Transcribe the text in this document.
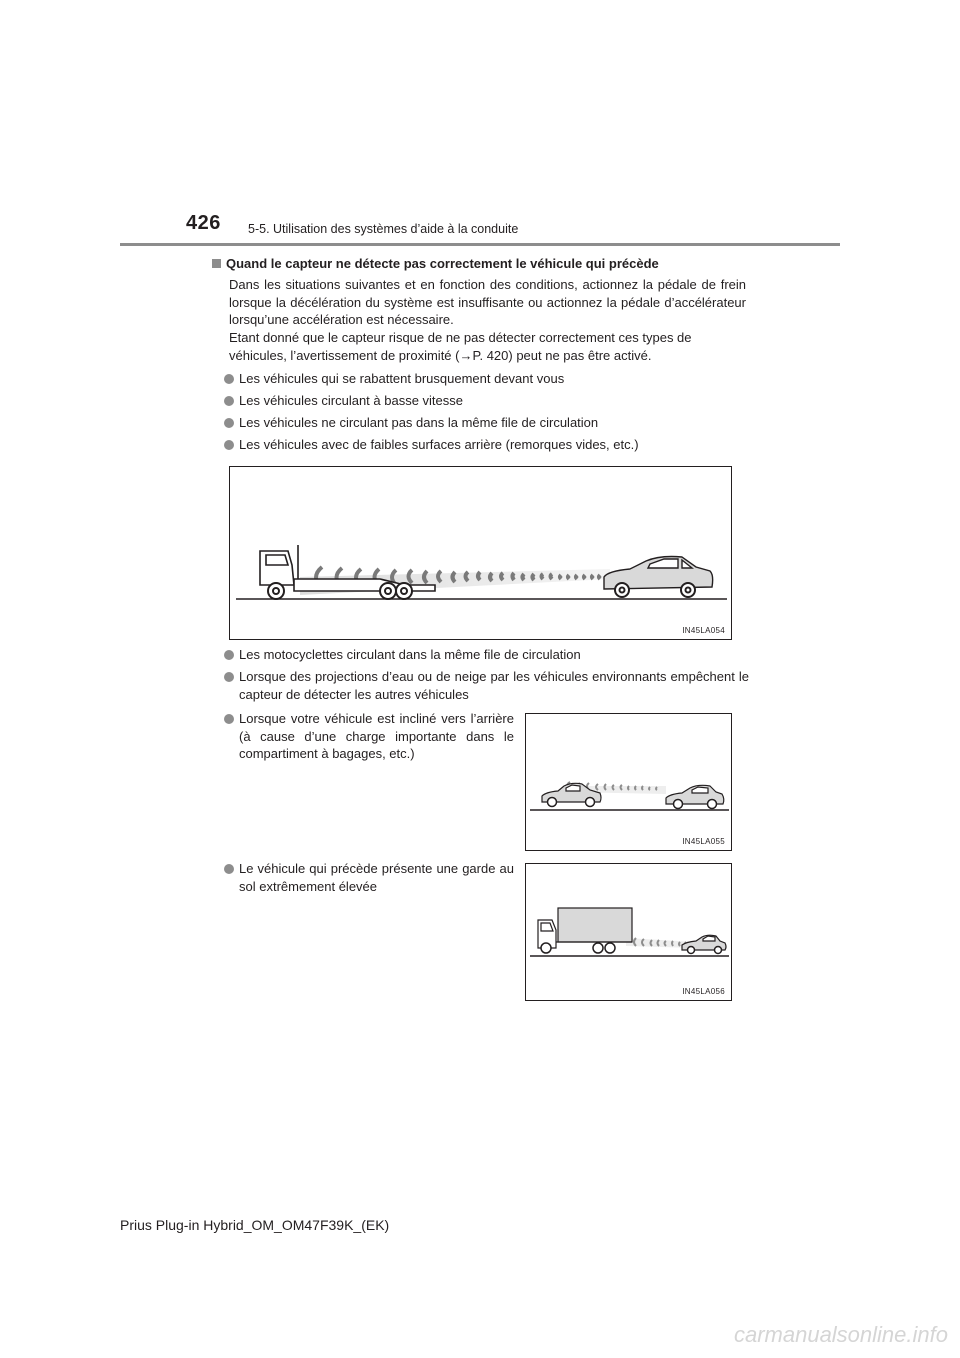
426 5-5. Utilisation des systèmes d’aide à la conduite
Quand le capteur ne détecte pas correctement le véhicule qui précède
Dans les situations suivantes et en fonction des conditions, actionnez la pédale de frein lorsque la décélération du système est insuffisante ou actionnez la pédale d’accélérateur lorsqu’une accélération est nécessaire.
Etant donné que le capteur risque de ne pas détecter correctement ces types de véhicules, l’avertissement de proximité (→P. 420) peut ne pas être activé.
Les véhicules qui se rabattent brusquement devant vous
Les véhicules circulant à basse vitesse
Les véhicules ne circulant pas dans la même file de circulation
Les véhicules avec de faibles surfaces arrière (remorques vides, etc.)
IN45LA054
Les motocyclettes circulant dans la même file de circulation
Lorsque des projections d’eau ou de neige par les véhicules environnants empêchent le capteur de détecter les autres véhicules
Lorsque votre véhicule est incliné vers l’arrière (à cause d’une charge importante dans le compartiment à bagages, etc.)
IN45LA055
Le véhicule qui précède présente une garde au sol extrêmement élevée
IN45LA056
Prius Plug-in Hybrid_OM_OM47F39K_(EK)
carmanualsonline.info
